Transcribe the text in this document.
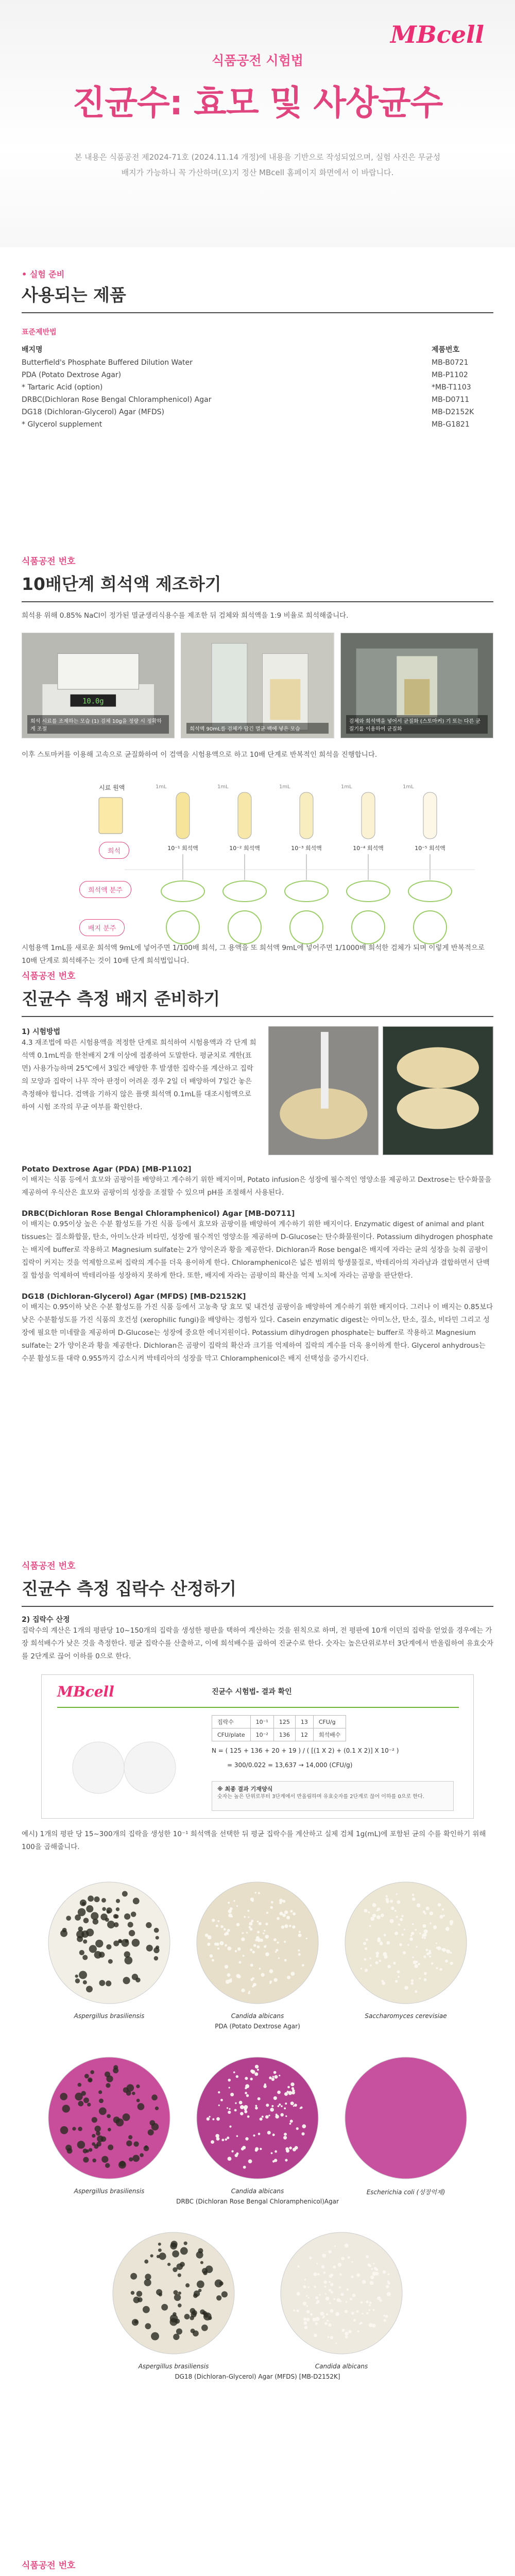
MBcell
식품공전 시험법
진균수: 효모 및 사상균수
본 내용은 식품공전 제2024-71호 (2024.11.14 개정)에 내용을 기반으로 작성되었으며, 실험 사진은 무균성 배지가 가능하니 꼭 가산하며(오)지 정산 MBcell 홈페이지 화면에서 이 바랍니다.
• 실험 준비
사용되는 제품
표준제반법
배지명	제품번호
Butterfield's Phosphate Buffered Dilution Water	MB-B0721
PDA (Potato Dextrose Agar)	MB-P1102
* Tartaric Acid (option)	*MB-T1103
DRBC(Dichloran Rose Bengal Chloramphenicol) Agar	MB-D0711
DG18 (Dichloran-Glycerol) Agar (MFDS)	MB-D2152K
* Glycerol supplement	MB-G1821
식품공전 번호
10배단계 희석액 제조하기

희석용 위해 0.85% NaCl이 정가된 멸균생리식용수를 제조한 뒤 검체와 희석액을 1:9 비율로 희석해줍니다.

10.0g
희석 시료를 조제하는 모습 (1) 검체 10g을 정량 시 정확하게 조절	희석액 90mL를 검체가 담긴 멸균 백에 넣은 모습
검체와 희석액을 넣어서 균질화 (스토마커) 기 또는 다른 균질기를 이용하여 균질화

이후 스토마커를 이용해 고속으로 균질화하여 이 검액을 시험용액으로 하고 10배 단계로 반복적인 희석을 진행합니다.

10⁻¹ 희석액
1mL
10⁻² 희석액
1mL
10⁻³ 희석액
1mL
10⁻⁴ 희석액
1mL
10⁻⁵ 희석액
1mL
희석
희석액 분주
배지 분주
시료 원액

시험용액 1mL를 새로운 희석액 9mL에 넣어주면 1/100배 희석, 그 용액을 또 희석액 9mL에 넣어주면 1/1000배 희석한 검체가 되며 이렇게 반복적으로 10배 단계로 희석해주는 것이 10배 단계 희석법입니다.

식품공전 번호
진균수 측정 배지 준비하기
1) 시험방법

4.3 재조법에 따른 시험용액을 적정한 단계로 희석하여 시험용액과 각 단계 희석액 0.1mL씩을 한천배지 2개 이상에 접종하여 도말한다. 평균치로 계한(표면) 사용가능하며 25℃에서 3일간 배양한 후 발생한 집락수를 계산하고 집락의 모양과 집락이 나무 작아 판정이 어려운 경우 2일 더 배양하여 7일간 놓은 측정해야 합니다. 검액을 기하지 않은 플랫 희석액 0.1mL를 대조시험액으로 하여 시험 조작의 무균 여부를 확인한다.

Potato Dextrose Agar (PDA) [MB-P1102]

이 배지는 식품 등에서 효모와 곰팡이를 배양하고 계수하기 위한 배지이며, Potato infusion은 성장에 필수적인 영양소를 제공하고 Dextrose는 탄수화물을 제공하여 우식산은 효모와 곰팡이의 성장을 조절할 수 있으며 pH를 조절해서 사용된다.

DRBC(Dichloran Rose Bengal Chloramphenicol) Agar [MB-D0711]

이 배지는 0.95이상 높은 수분 활성도를 가진 식품 등에서 효모와 곰팡이를 배양하여 계수하기 위한 배지이다. Enzymatic digest of animal and plant tissues는 질소화합물, 탄소, 아미노산과 비타민, 성장에 필수적인 영양소를 제공하며 D-Glucose는 탄수화물원이다. Potassium dihydrogen phosphate는 배지에 buffer로 작용하고 Magnesium sulfate는 2가 양이온과 황을 제공한다. Dichloran과 Rose bengal은 배지에 자라는 균의 성장을 늦춰 곰팡이 집락이 커지는 것을 억제함으로써 집락의 계수를 더욱 용이하게 한다. Chloramphenicol은 넓은 범위의 항생물질로, 박테리아의 자라남과 결합하면서 단백질 합성을 억제하여 박테리아를 성장하지 못하게 한다. 또한, 배지에 자라는 곰팡이의 확산을 억제 노치에 자라는 곰팡을 판단한다.

DG18 (Dichloran-Glycerol) Agar (MFDS) [MB-D2152K]

이 배지는 0.95이하 낮은 수분 활성도를 가진 식품 등에서 고농축 당 효모 및 내건성 곰팡이을 배양하여 계수하기 위한 배지이다. 그러나 이 배지는 0.85보다 낮은 수분활성도를 가진 식품의 호건성 (xerophilic fungi)을 배양하는 경험자 있다. Casein enzymatic digest는 아미노산, 탄소, 질소, 비타민 그리고 성장에 필요한 미네랄을 제공하며 D-Glucose는 성장에 중요한 에너지원이다. Potassium dihydrogen phosphate는 buffer로 작용하고 Magnesium sulfate는 2가 양이온과 황을 제공한다. Dichloran은 곰팡이 집락의 확산과 크기를 억제하여 집락의 계수를 더욱 용이하게 한다. Glycerol anhydrous는 수분 활성도를 대략 0.955까지 감소시켜 박테리아의 성장을 막고 Chloramphenicol은 배지 선택성을 증가시킨다.

식품공전 번호
진균수 측정 집락수 산정하기
2) 집락수 산정

집락수의 계산은 1개의 평판당 10~150개의 집락을 생성한 평판을 택하여 계산하는 것을 원칙으로 하며, 전 평판에 10개 이던의 집락을 얻었을 경우에는 가장 희석배수가 낮은 것을 측정한다. 평균 집락수를 산출하고, 이에 희석배수를 곱하여 진균수로 한다. 숫자는 높은단위로부터 3단계에서 반올림하여 유효숫자를 2단계로 끊어 이하를 0으로 한다.

MBcell	진균수 시험법- 결과 확인
집락수	10⁻¹	125	13	CFU/g
CFU/plate	10⁻²	136	12	희석배수
N = ( 125 + 136 + 20 + 19 ) / ( [(1 X 2) + (0.1 X 2)] X 10⁻² )
= 300/0.022 = 13,637 → 14,000 (CFU/g)
※ 최종 결과 기재양식
숫자는 높은 단위로부터 3단계에서 반올림하며 유효숫자를 2단계로 끊어 이하를 0으로 한다.

예시) 1개의 평판 당 15~300개의 집락을 생성한 10⁻¹ 희석액을 선택한 뒤 평균 집락수를 계산하고 실제 검체 1g(mL)에 포함된 균의 수를 확인하기 위해 100을 곱해줍니다.

Aspergillus brasiliensis	Candida albicans	Saccharomyces cerevisiae
PDA (Potato Dextrose Agar)
Aspergillus brasiliensis	Candida albicans	Escherichia coli (성장억제)
DRBC (Dichloran Rose Bengal Chloramphenicol)Agar
Aspergillus brasiliensis	Candida albicans
DG18 (Dichloran-Glycerol) Agar (MFDS) [MB-D2152K]
식품공전 번호
